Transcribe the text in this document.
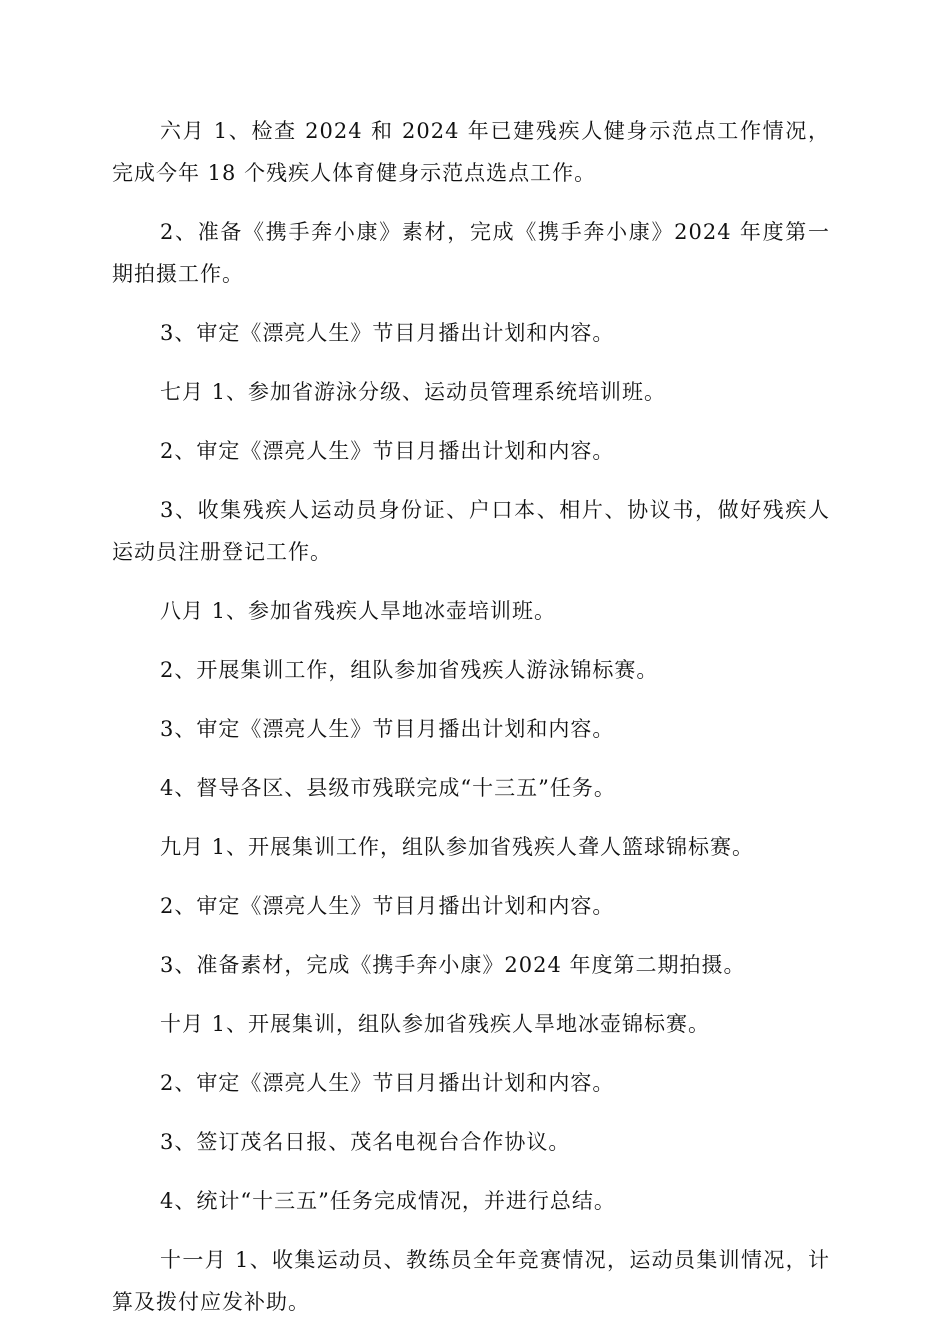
六月 1、检查 2024 和 2024 年已建残疾人健身示范点工作情况，完成今年 18 个残疾人体育健身示范点选点工作。

2、准备《携手奔小康》素材，完成《携手奔小康》2024 年度第一期拍摄工作。

3、审定《漂亮人生》节目月播出计划和内容。

七月 1、参加省游泳分级、运动员管理系统培训班。

2、审定《漂亮人生》节目月播出计划和内容。

3、收集残疾人运动员身份证、户口本、相片、协议书，做好残疾人运动员注册登记工作。

八月 1、参加省残疾人旱地冰壶培训班。

2、开展集训工作，组队参加省残疾人游泳锦标赛。

3、审定《漂亮人生》节目月播出计划和内容。

4、督导各区、县级市残联完成“十三五”任务。

九月 1、开展集训工作，组队参加省残疾人聋人篮球锦标赛。

2、审定《漂亮人生》节目月播出计划和内容。

3、准备素材，完成《携手奔小康》2024 年度第二期拍摄。

十月 1、开展集训，组队参加省残疾人旱地冰壶锦标赛。

2、审定《漂亮人生》节目月播出计划和内容。

3、签订茂名日报、茂名电视台合作协议。

4、统计“十三五”任务完成情况，并进行总结。

十一月 1、收集运动员、教练员全年竞赛情况，运动员集训情况，计算及拨付应发补助。
